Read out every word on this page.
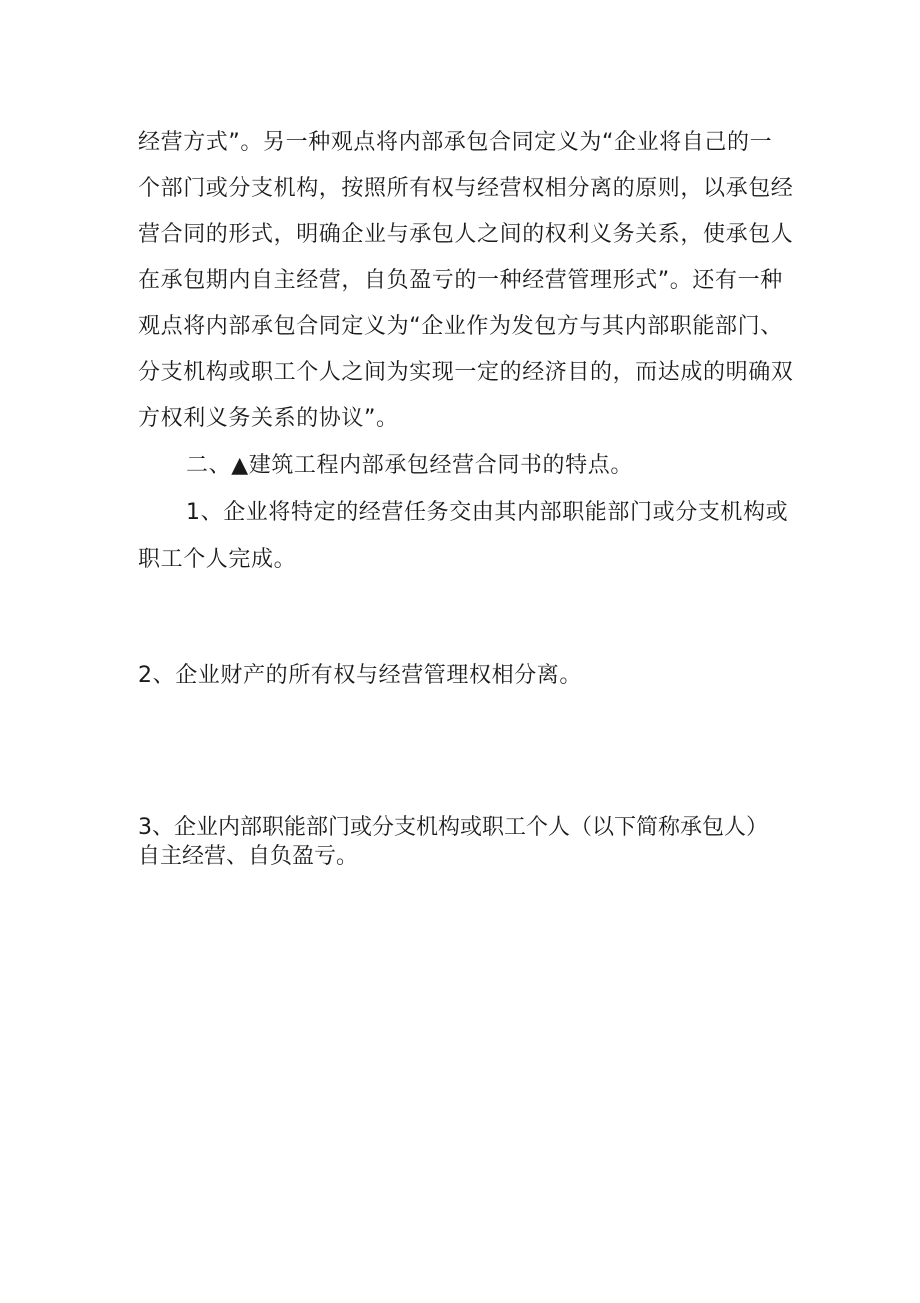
经营方式”。另一种观点将内部承包合同定义为“企业将自己的一
个部门或分支机构，按照所有权与经营权相分离的原则，以承包经
营合同的形式，明确企业与承包人之间的权利义务关系，使承包人
在承包期内自主经营，自负盈亏的一种经营管理形式”。还有一种
观点将内部承包合同定义为“企业作为发包方与其内部职能部门、
分支机构或职工个人之间为实现一定的经济目的，而达成的明确双
方权利义务关系的协议”。
二、▲建筑工程内部承包经营合同书的特点。
1、企业将特定的经营任务交由其内部职能部门或分支机构或
职工个人完成。
2、企业财产的所有权与经营管理权相分离。
3、企业内部职能部门或分支机构或职工个人（以下简称承包人）
自主经营、自负盈亏。
